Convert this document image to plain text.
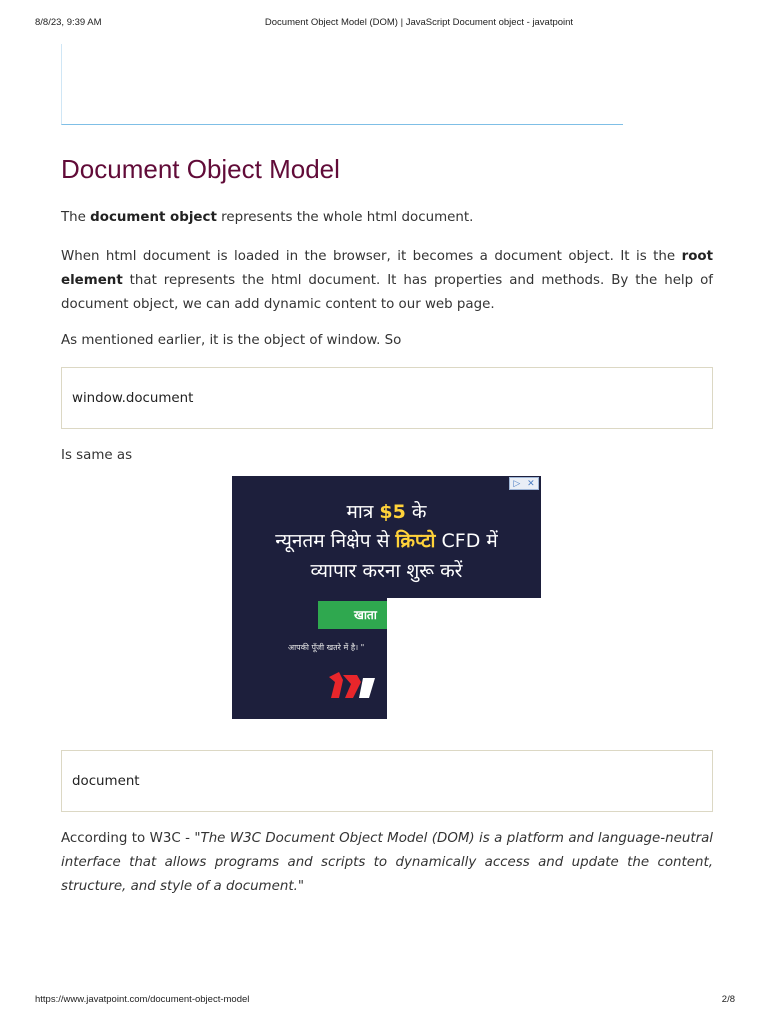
8/8/23, 9:39 AM	Document Object Model (DOM) | JavaScript Document object - javatpoint
Document Object Model

The document object represents the whole html document.

When html document is loaded in the browser, it becomes a document object. It is the root element that represents the html document. It has properties and methods. By the help of document object, we can add dynamic content to our web page.

As mentioned earlier, it is the object of window. So

window.document

Is same as

▷ ✕
मात्र $5 के
न्यूनतम निक्षेप से क्रिप्टो CFD में
व्यापार करना शुरू करें
खाता
आपकी पूँजी खतरे में है। "
document

According to W3C - "The W3C Document Object Model (DOM) is a platform and language-neutral interface that allows programs and scripts to dynamically access and update the content, structure, and style of a document."

https://www.javatpoint.com/document-object-model	2/8
